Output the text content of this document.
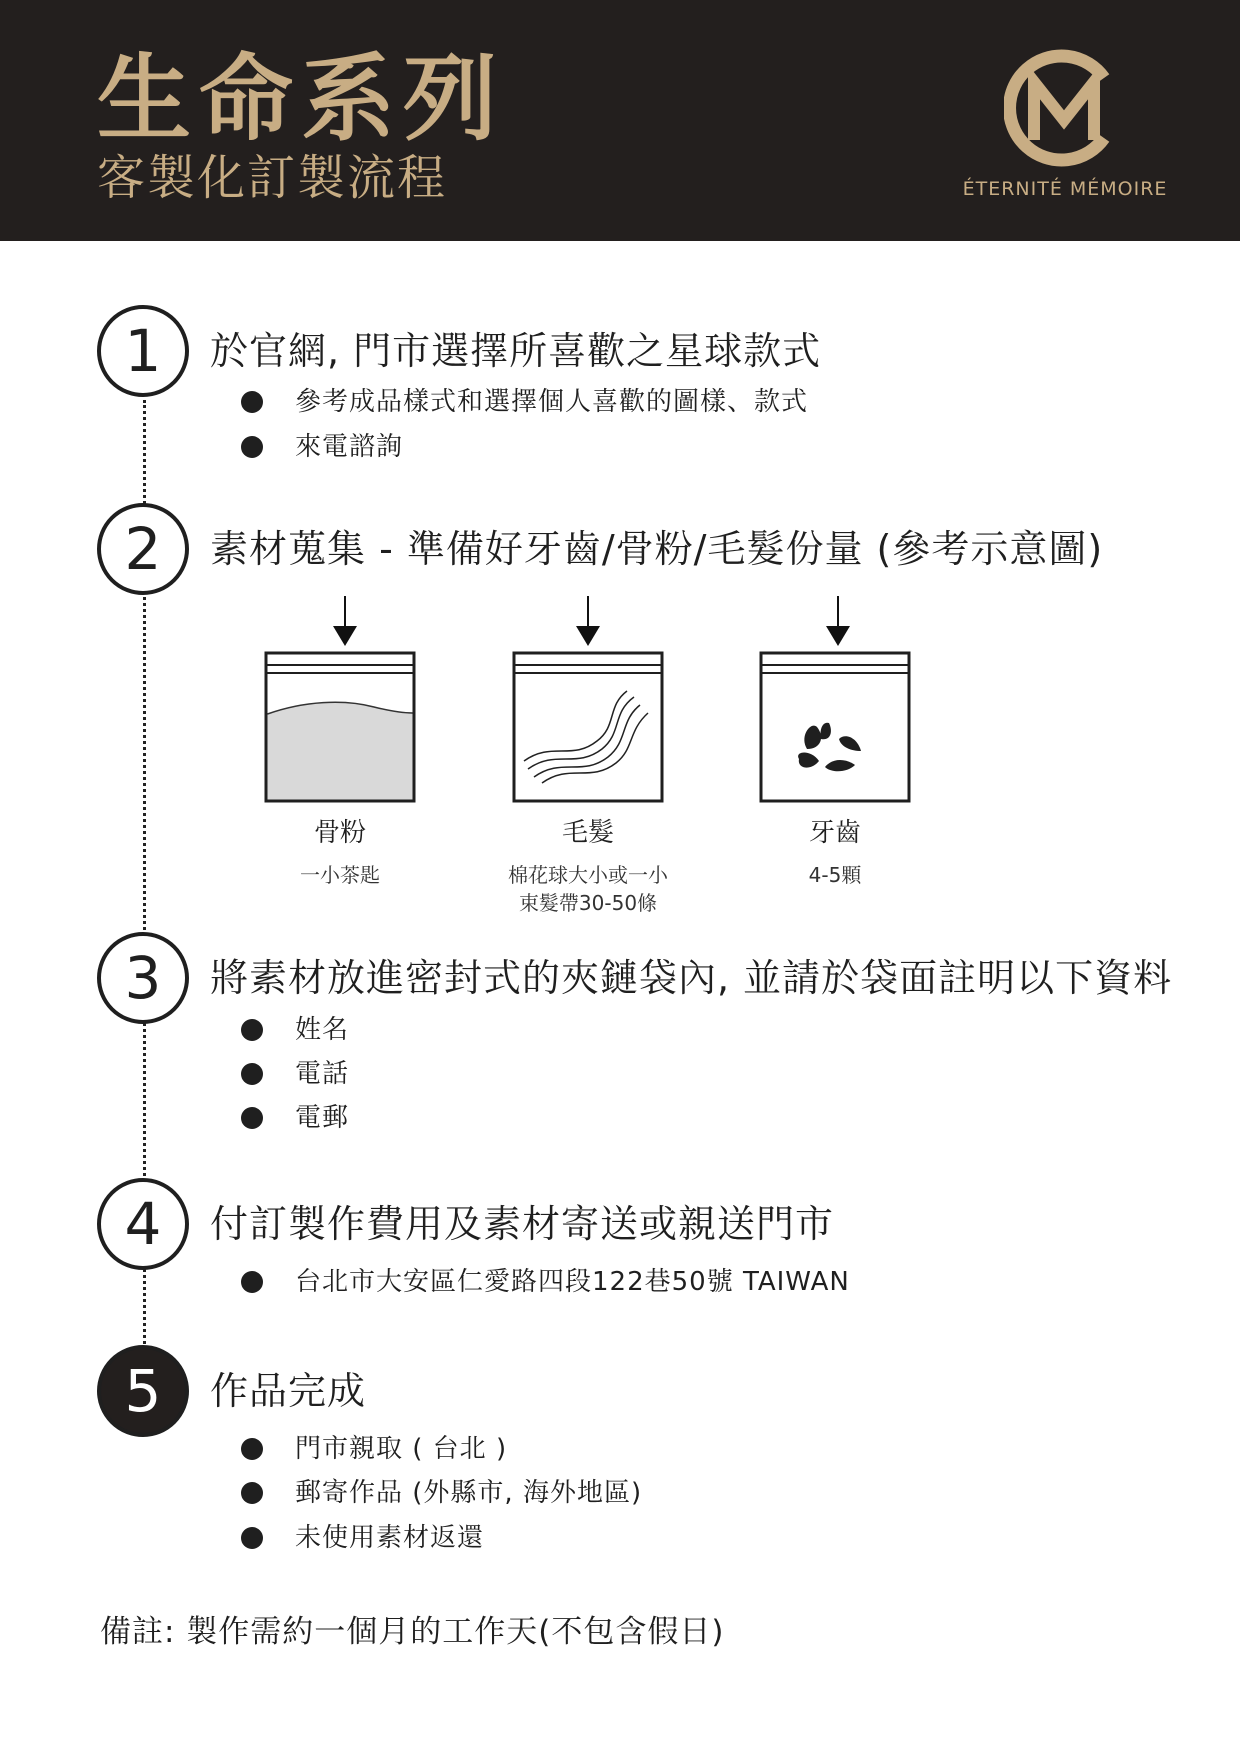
生命系列
客製化訂製流程	ÉTERNITÉ MÉMOIRE
1	於官網, 門市選擇所喜歡之星球款式
參考成品樣式和選擇個人喜歡的圖樣、款式
來電諮詢
2	素材蒐集 - 準備好牙齒/骨粉/毛髮份量 (參考示意圖)
骨粉
一小茶匙
毛髮
棉花球大小或一小
束髮帶30-50條
牙齒
4-5顆
3	將素材放進密封式的夾鏈袋內, 並請於袋面註明以下資料
姓名
電話
電郵
4	付訂製作費用及素材寄送或親送門市
台北市大安區仁愛路四段122巷50號 TAIWAN
5	作品完成
門市親取 ( 台北 )
郵寄作品 (外縣市, 海外地區)
未使用素材返還
備註: 製作需約一個月的工作天(不包含假日)
